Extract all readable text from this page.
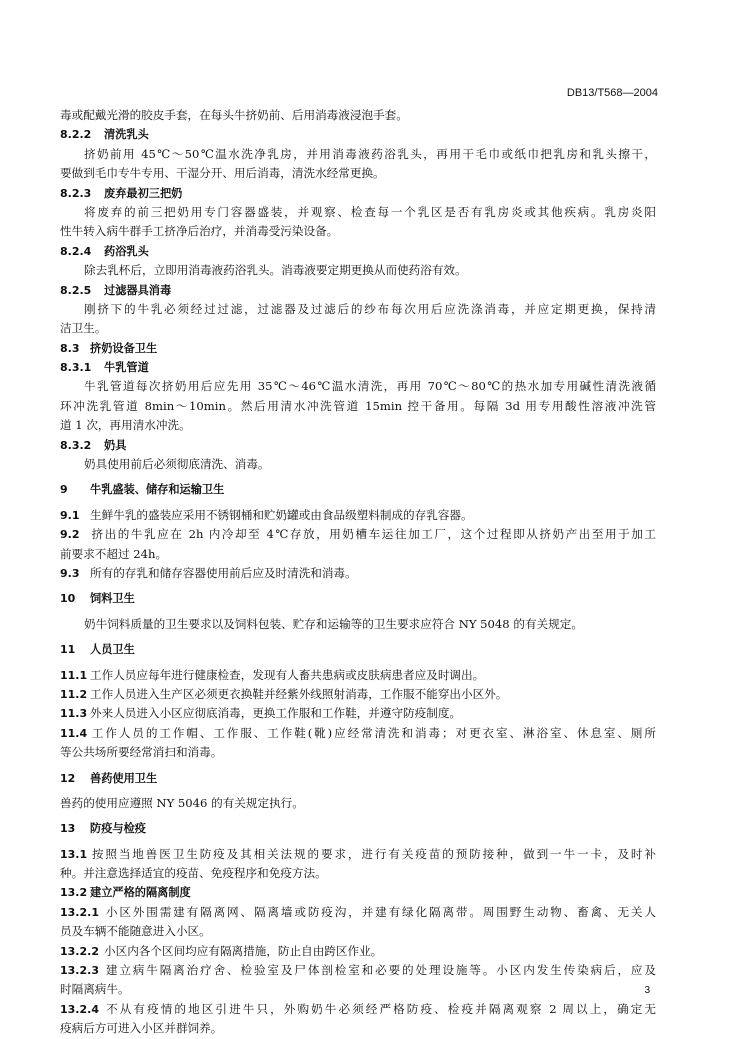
DB13/T568—2004
毒或配戴光滑的胶皮手套，在每头牛挤奶前、后用消毒液浸泡手套。
8.2.2 清洗乳头
挤奶前用 45℃～50℃温水洗净乳房，并用消毒液药浴乳头，再用干毛巾或纸巾把乳房和乳头擦干，
要做到毛巾专牛专用、干湿分开、用后消毒，清洗水经常更换。
8.2.3 废弃最初三把奶
将废弃的前三把奶用专门容器盛装，并观察、检查每一个乳区是否有乳房炎或其他疾病。乳房炎阳
性牛转入病牛群手工挤净后治疗，并消毒受污染设备。
8.2.4 药浴乳头
除去乳杯后，立即用消毒液药浴乳头。消毒液要定期更换从而使药浴有效。
8.2.5 过滤器具消毒
刚挤下的牛乳必须经过过滤，过滤器及过滤后的纱布每次用后应洗涤消毒，并应定期更换，保持清
洁卫生。
8.3 挤奶设备卫生
8.3.1 牛乳管道
牛乳管道每次挤奶用后应先用 35℃～46℃温水清洗，再用 70℃～80℃的热水加专用碱性清洗液循
环冲洗乳管道 8min～10min。然后用清水冲洗管道 15min 控干备用。每隔 3d 用专用酸性溶液冲洗管
道 1 次，再用清水冲洗。
8.3.2 奶具
奶具使用前后必须彻底清洗、消毒。
9 牛乳盛装、储存和运输卫生
9.1 生鲜牛乳的盛装应采用不锈钢桶和贮奶罐或由食品级塑料制成的存乳容器。
9.2 挤出的牛乳应在 2h 内冷却至 4℃存放，用奶槽车运往加工厂，这个过程即从挤奶产出至用于加工
前要求不超过 24h。
9.3 所有的存乳和储存容器使用前后应及时清洗和消毒。
10 饲料卫生
奶牛饲料质量的卫生要求以及饲料包装、贮存和运输等的卫生要求应符合 NY 5048 的有关规定。
11 人员卫生
11.1 工作人员应每年进行健康检查，发现有人畜共患病或皮肤病患者应及时调出。
11.2 工作人员进入生产区必须更衣换鞋并经紫外线照射消毒，工作服不能穿出小区外。
11.3 外来人员进入小区应彻底消毒，更换工作服和工作鞋，并遵守防疫制度。
11.4 工作人员的工作帽、工作服、工作鞋(靴)应经常清洗和消毒；对更衣室、淋浴室、休息室、厕所
等公共场所要经常消扫和消毒。
12 兽药使用卫生
兽药的使用应遵照 NY 5046 的有关规定执行。
13 防疫与检疫
13.1 按照当地兽医卫生防疫及其相关法规的要求，进行有关疫苗的预防接种，做到一牛一卡，及时补
种。并注意选择适宜的疫苗、免疫程序和免疫方法。
13.2 建立严格的隔离制度
13.2.1 小区外围需建有隔离网、隔离墙或防疫沟，并建有绿化隔离带。周围野生动物、畜禽、无关人
员及车辆不能随意进入小区。
13.2.2 小区内各个区间均应有隔离措施，防止自由跨区作业。
13.2.3 建立病牛隔离治疗舍、检验室及尸体剖检室和必要的处理设施等。小区内发生传染病后，应及
时隔离病牛。
13.2.4 不从有疫情的地区引进牛只，外购奶牛必须经严格防疫、检疫并隔离观察 2 周以上，确定无
疫病后方可进入小区并群饲养。
3
